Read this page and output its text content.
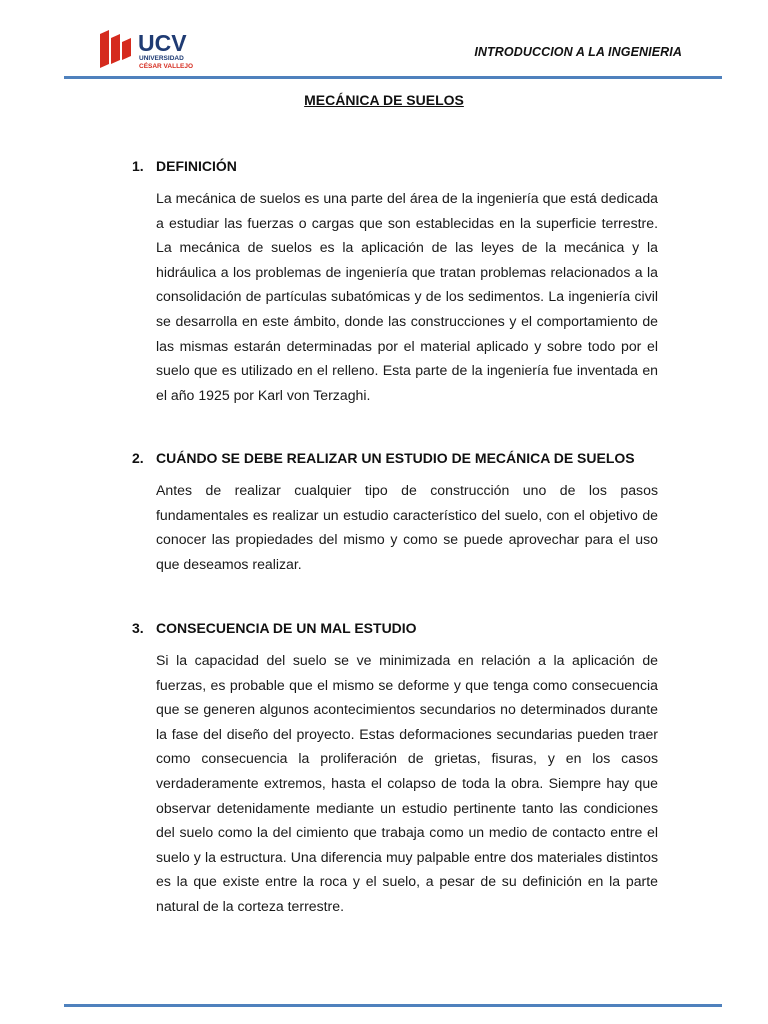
UCV
UNIVERSIDAD
CÉSAR VALLEJO
INTRODUCCION A LA INGENIERIA
MECÁNICA DE SUELOS
1. DEFINICIÓN
La mecánica de suelos es una parte del área de la ingeniería que está dedicada a estudiar las fuerzas o cargas que son establecidas en la superficie terrestre. La mecánica de suelos es la aplicación de las leyes de la mecánica y la hidráulica a los problemas de ingeniería que tratan problemas relacionados a la consolidación de partículas subatómicas y de los sedimentos. La ingeniería civil se desarrolla en este ámbito, donde las construcciones y el comportamiento de las mismas estarán determinadas por el material aplicado y sobre todo por el suelo que es utilizado en el relleno. Esta parte de la ingeniería fue inventada en el año 1925 por Karl von Terzaghi.
2. CUÁNDO SE DEBE REALIZAR UN ESTUDIO DE MECÁNICA DE SUELOS
Antes de realizar cualquier tipo de construcción uno de los pasos fundamentales es realizar un estudio característico del suelo, con el objetivo de conocer las propiedades del mismo y como se puede aprovechar para el uso que deseamos realizar.
3. CONSECUENCIA DE UN MAL ESTUDIO
Si la capacidad del suelo se ve minimizada en relación a la aplicación de fuerzas, es probable que el mismo se deforme y que tenga como consecuencia que se generen algunos acontecimientos secundarios no determinados durante la fase del diseño del proyecto. Estas deformaciones secundarias pueden traer como consecuencia la proliferación de grietas, fisuras, y en los casos verdaderamente extremos, hasta el colapso de toda la obra. Siempre hay que observar detenidamente mediante un estudio pertinente tanto las condiciones del suelo como la del cimiento que trabaja como un medio de contacto entre el suelo y la estructura. Una diferencia muy palpable entre dos materiales distintos es la que existe entre la roca y el suelo, a pesar de su definición en la parte natural de la corteza terrestre.
